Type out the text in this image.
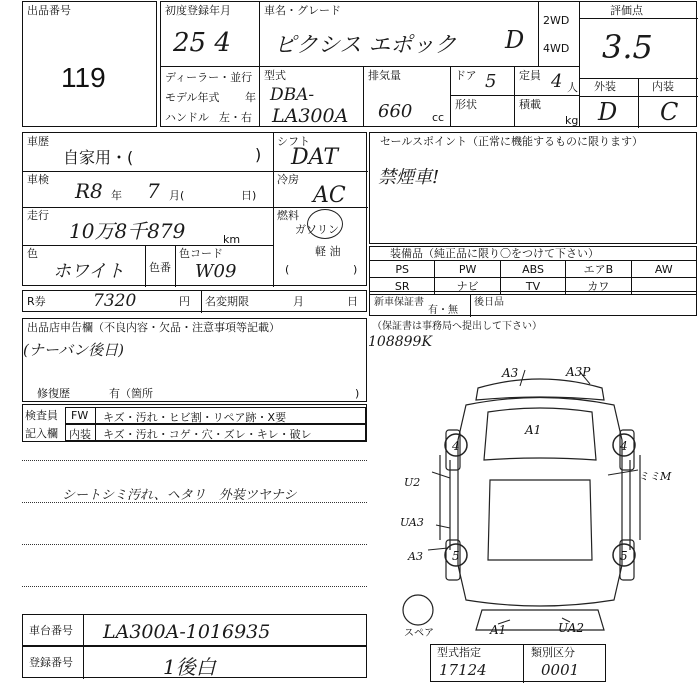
出品番号
119
初度登録年月
25 4
車名・グレード
ピクシス エポック D
2WD
4WD
評価点
3.5
外装	内装
D C
ディーラー・並行
モデル年式 年
ハンドル 左・右
型式
DBA-
LA300A
排気量
660 cc
ドア 5 定員 4 人
形状	積載
kg
車歴
自家用・(	)
車検 R8 年 7 月(	日)
走行
10万8千879	km
色
ホワイト 色番
色コード
W09
シフト
DAT
冷房
AC
燃料
ガソリン
軽 油
(	)
R券	7320	円 名変期限	月	日
セールスポイント（正常に機能するものに限ります）
禁煙車!
装備品（純正品に限り〇をつけて下さい）
PS	PW	ABS	エアB	AW
SR	ナビ	TV	カワ	
新車保証書
有・無
後日品
出品店申告欄（不良内容・欠品・注意事項等記載）
(ナーバン後日)
修復歴	有（箇所	)
検査員
記入欄
FW キズ・汚れ・ヒビ割・リペア跡・X要
内装 キズ・汚れ・コゲ・穴・ズレ・キレ・破レ
シートシミ汚れ、ヘタリ　外装ツヤナシ
（保証書は事務局へ提出して下さい）
108899K
A3	A3P
A1
U2	ミミM
UA3
A3
A1	UA2
4	4
5	5
スペア
車台番号 LA300A-1016935
登録番号	1後白
型式指定	類別区分
17124	0001
